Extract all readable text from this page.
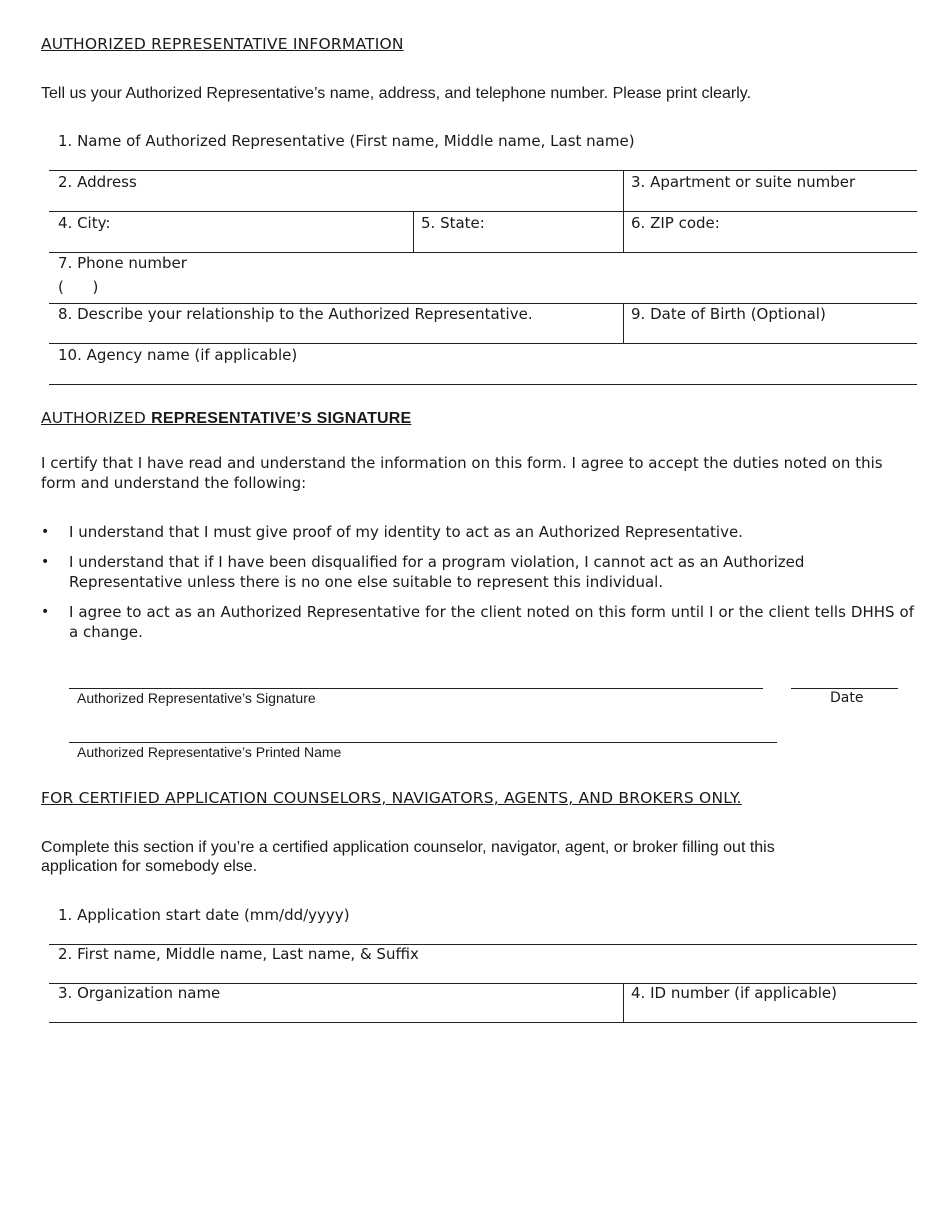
AUTHORIZED REPRESENTATIVE INFORMATION
Tell us your Authorized Representative’s name, address, and telephone number. Please print clearly.
1. Name of Authorized Representative (First name, Middle name, Last name)
2. Address	3. Apartment or suite number
4. City:	5. State:	6. ZIP code:
7. Phone number
(      )
8. Describe your relationship to the Authorized Representative.	9. Date of Birth (Optional)
10. Agency name (if applicable)
AUTHORIZED REPRESENTATIVE’S SIGNATURE
I certify that I have read and understand the information on this form. I agree to accept the duties noted on this form and understand the following:
• I understand that I must give proof of my identity to act as an Authorized Representative.
• I understand that if I have been disqualified for a program violation, I cannot act as an Authorized Representative unless there is no one else suitable to represent this individual.
• I agree to act as an Authorized Representative for the client noted on this form until I or the client tells DHHS of a change.
Authorized Representative’s Signature	Date
Authorized Representative’s Printed Name
FOR CERTIFIED APPLICATION COUNSELORS, NAVIGATORS, AGENTS, AND BROKERS ONLY.
Complete this section if you’re a certified application counselor, navigator, agent, or broker filling out this application for somebody else.
1. Application start date (mm/dd/yyyy)
2. First name, Middle name, Last name, & Suffix
3. Organization name	4. ID number (if applicable)
